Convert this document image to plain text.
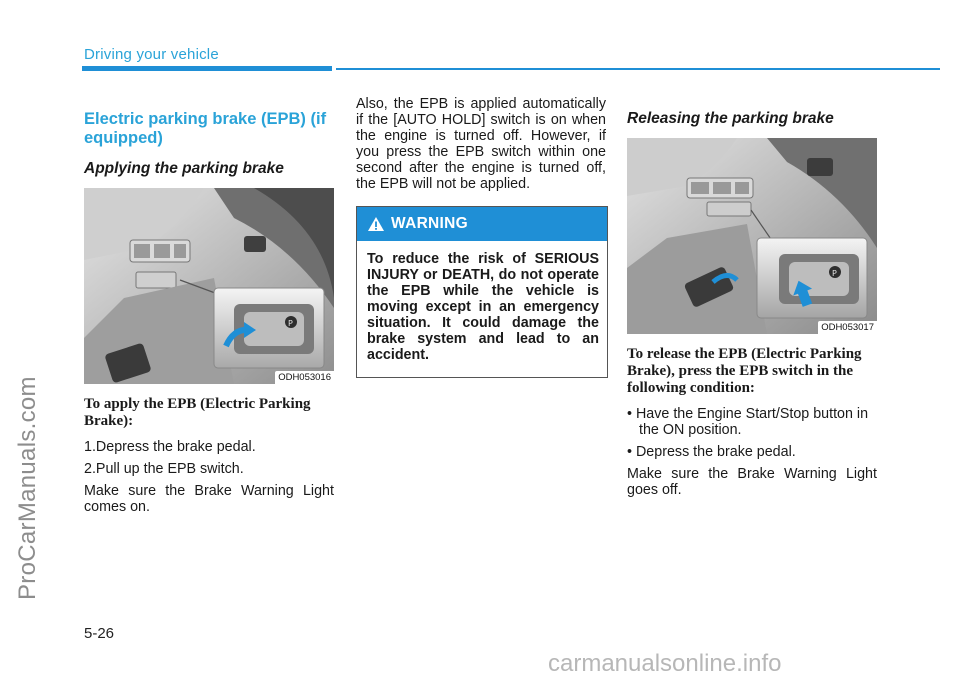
Driving your vehicle
ProCarManuals.com
Electric parking brake (EPB) (if equipped)
Applying the parking brake
P
ODH053016
To apply the EPB (Electric Parking Brake):
1.Depress the brake pedal.
2.Pull up the EPB switch.

Make sure the Brake Warning Light comes on.

Also, the EPB is applied automatically if the [AUTO HOLD] switch is on when the engine is turned off. However, if you press the EPB switch within one second after the engine is turned off, the EPB will not be applied.

WARNING
To reduce the risk of SERIOUS INJURY or DEATH, do not operate the EPB while the vehicle is moving except in an emergency situation. It could damage the brake system and lead to an accident.
Releasing the parking brake
P
ODH053017
To release the EPB (Electric Parking Brake), press the EPB switch in the following condition:
• Have the Engine Start/Stop button in the ON position.
• Depress the brake pedal.

Make sure the Brake Warning Light goes off.

5-26
carmanualsonline.info
